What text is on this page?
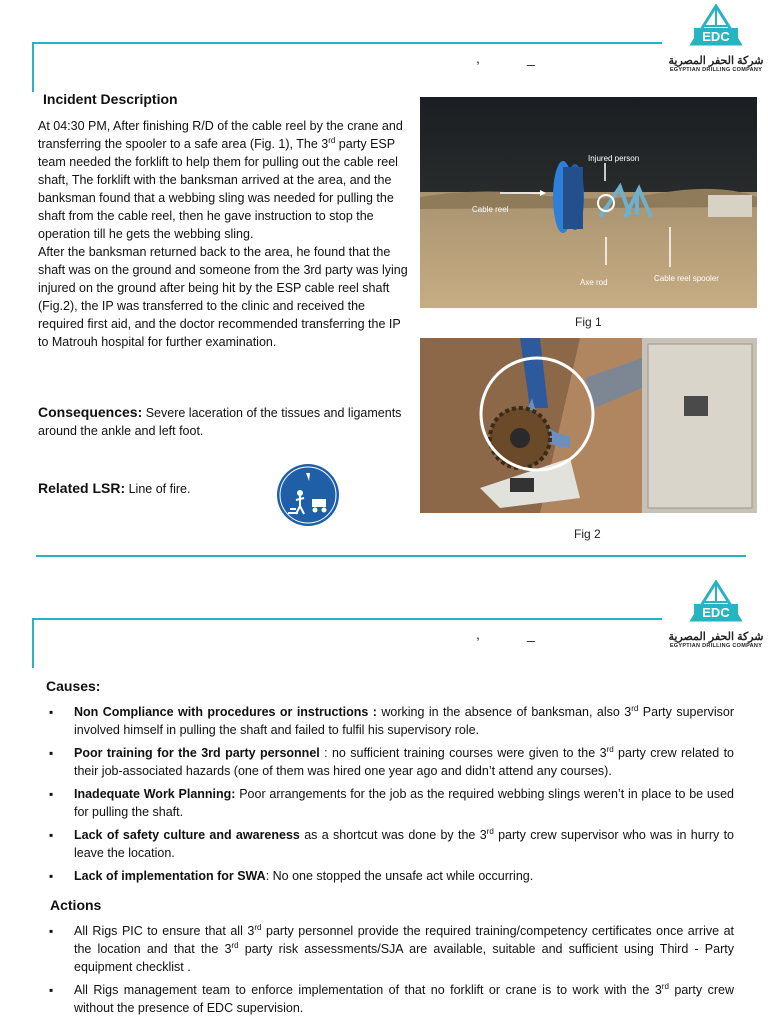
,	_
EDC
شركة الحفر المصرية
EGYPTIAN DRILLING COMPANY
Incident Description

At 04:30 PM, After finishing R/D of the cable reel by the crane and transferring the spooler to a safe area (Fig. 1), The 3rd party ESP team needed the forklift to help them for pulling out the cable reel shaft, The forklift with the banksman arrived at the area, and the banksman found that a webbing sling was needed for pulling the shaft from the cable reel, then he gave instruction to stop the operation till he gets the webbing sling.

After the banksman returned back to the area, he found that the shaft was on the ground and someone from the 3rd party was lying injured on the ground after being hit by the ESP cable reel shaft (Fig.2), the IP was transferred to the clinic and received the required first aid, and the doctor recommended transferring the IP to Matrouh hospital for further examination.

Consequences: Severe laceration of the tissues and ligaments around the ankle and left foot.
Related LSR: Line of fire.
Injured person
Cable reel
Axe rod	Cable reel spooler
Fig 1
Fig 2
,	_
EDC
شركة الحفر المصرية
EGYPTIAN DRILLING COMPANY
Causes:
▪ Non Compliance with procedures or instructions : working in the absence of banksman, also 3rd Party supervisor involved himself in pulling the shaft and failed to fulfil his supervisory role.
▪ Poor training for the 3rd party personnel : no sufficient training courses were given to the 3rd party crew related to their job-associated hazards (one of them was hired one year ago and didn’t attend any courses).
▪ Inadequate Work Planning: Poor arrangements for the job as the required webbing slings weren’t in place to be used for pulling the shaft.
▪ Lack of safety culture and awareness as a shortcut was done by the 3rd party crew supervisor who was in hurry to leave the location.
▪ Lack of implementation for SWA: No one stopped the unsafe act while occurring.
Actions
▪ All Rigs PIC to ensure that all 3rd party personnel provide the required training/competency certificates once arrive at the location and that the 3rd party risk assessments/SJA are available, suitable and sufficient using Third - Party equipment checklist .
▪ All Rigs management team to enforce implementation of that no forklift or crane is to work with the 3rd party crew without the presence of EDC supervision.
